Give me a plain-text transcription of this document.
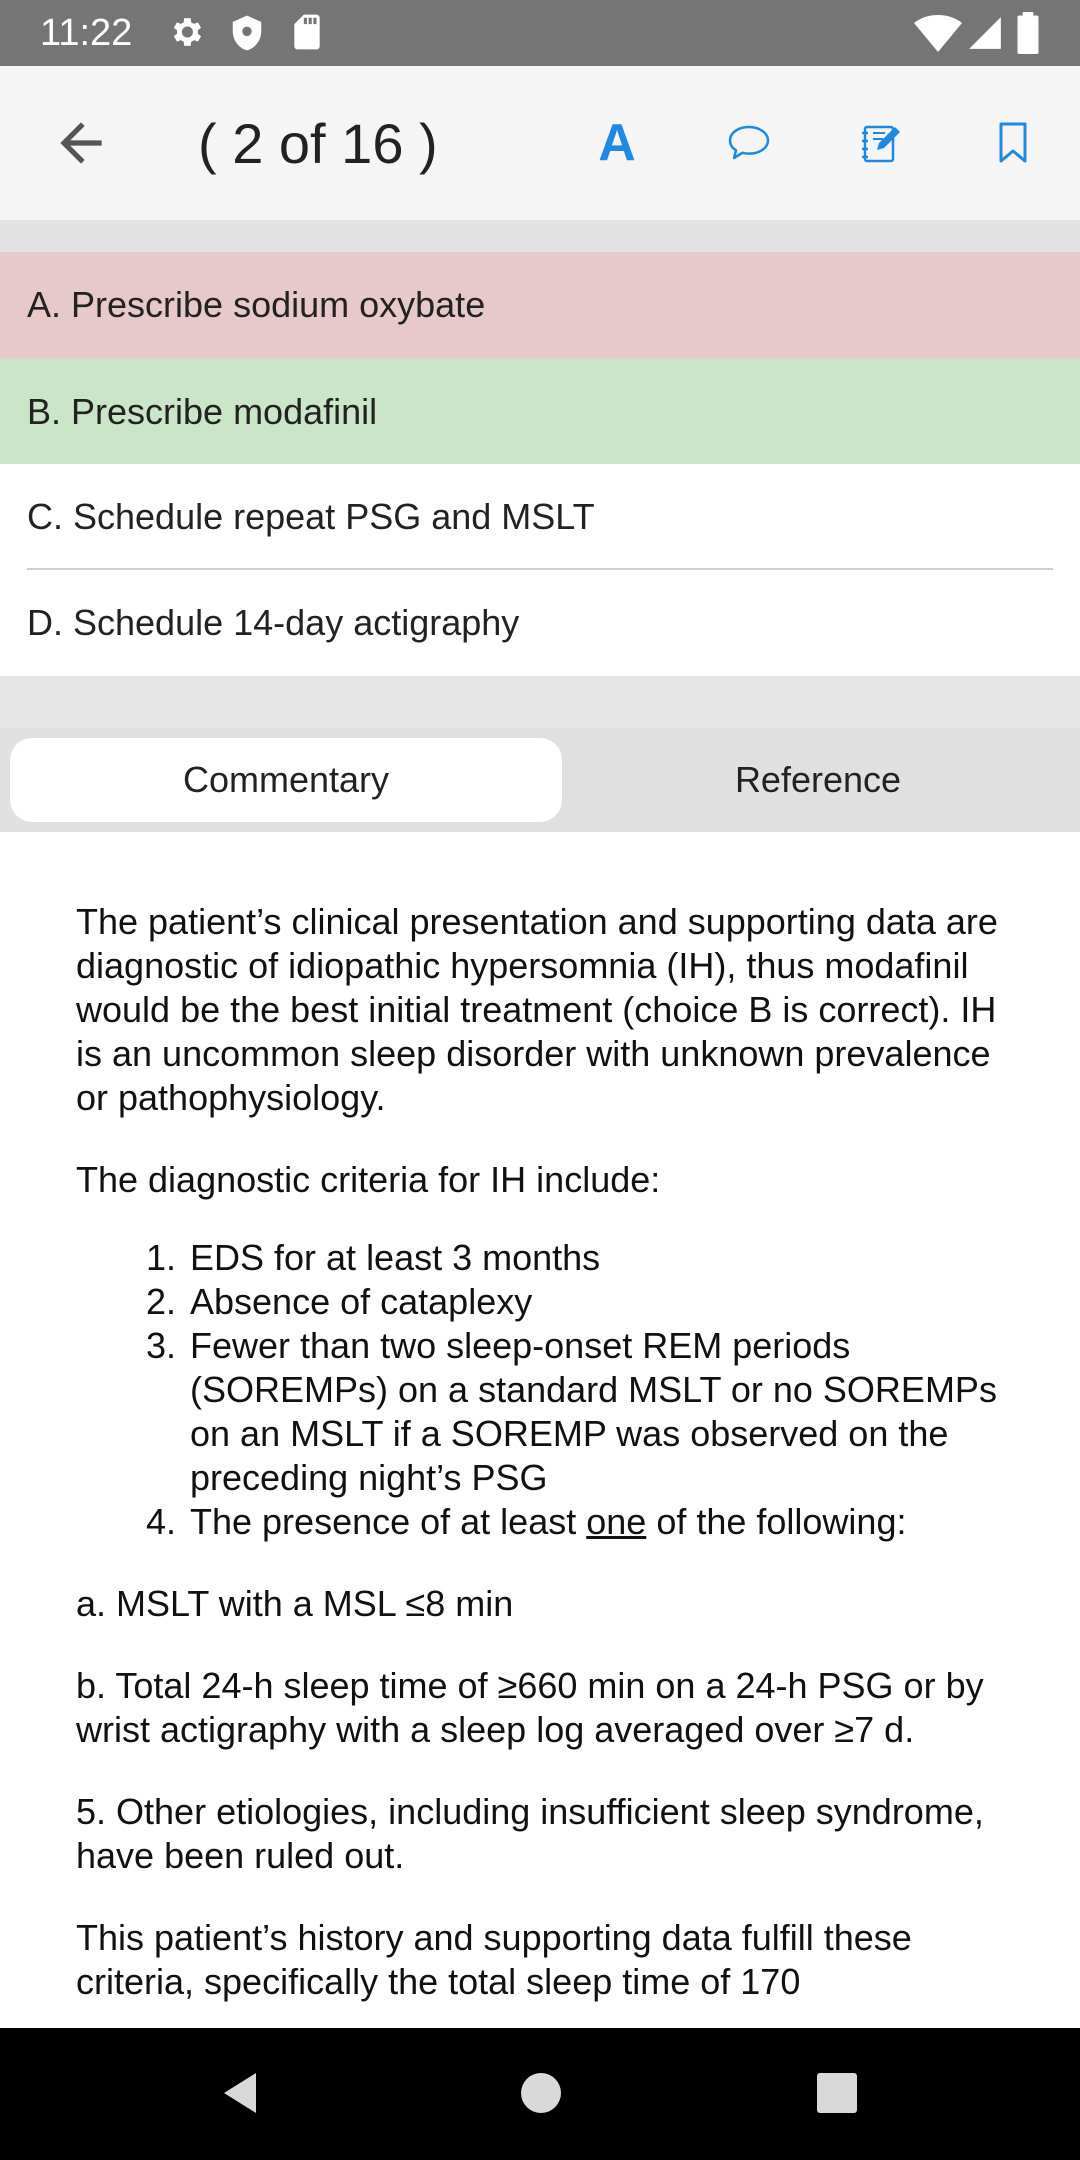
11:22
( 2 of 16 )	A
A. Prescribe sodium oxybate
B. Prescribe modafinil
C. Schedule repeat PSG and MSLT
D. Schedule 14-day actigraphy
Commentary	Reference

The patient’s clinical presentation and supporting data are diagnostic of idiopathic hypersomnia (IH), thus modafinil would be the best initial treatment (choice B is correct). IH is an uncommon sleep disorder with unknown prevalence or pathophysiology.

The diagnostic criteria for IH include:

1. EDS for at least 3 months
2. Absence of cataplexy
3. Fewer than two sleep-onset REM periods (SOREMPs) on a standard MSLT or no SOREMPs on an MSLT if a SOREMP was observed on the preceding night’s PSG
4. The presence of at least one of the following:

a. MSLT with a MSL ≤8 min

b. Total 24-h sleep time of ≥660 min on a 24-h PSG or by wrist actigraphy with a sleep log averaged over ≥7 d.

5. Other etiologies, including insufficient sleep syndrome, have been ruled out.

This patient’s history and supporting data fulfill these criteria, specifically the total sleep time of 170
